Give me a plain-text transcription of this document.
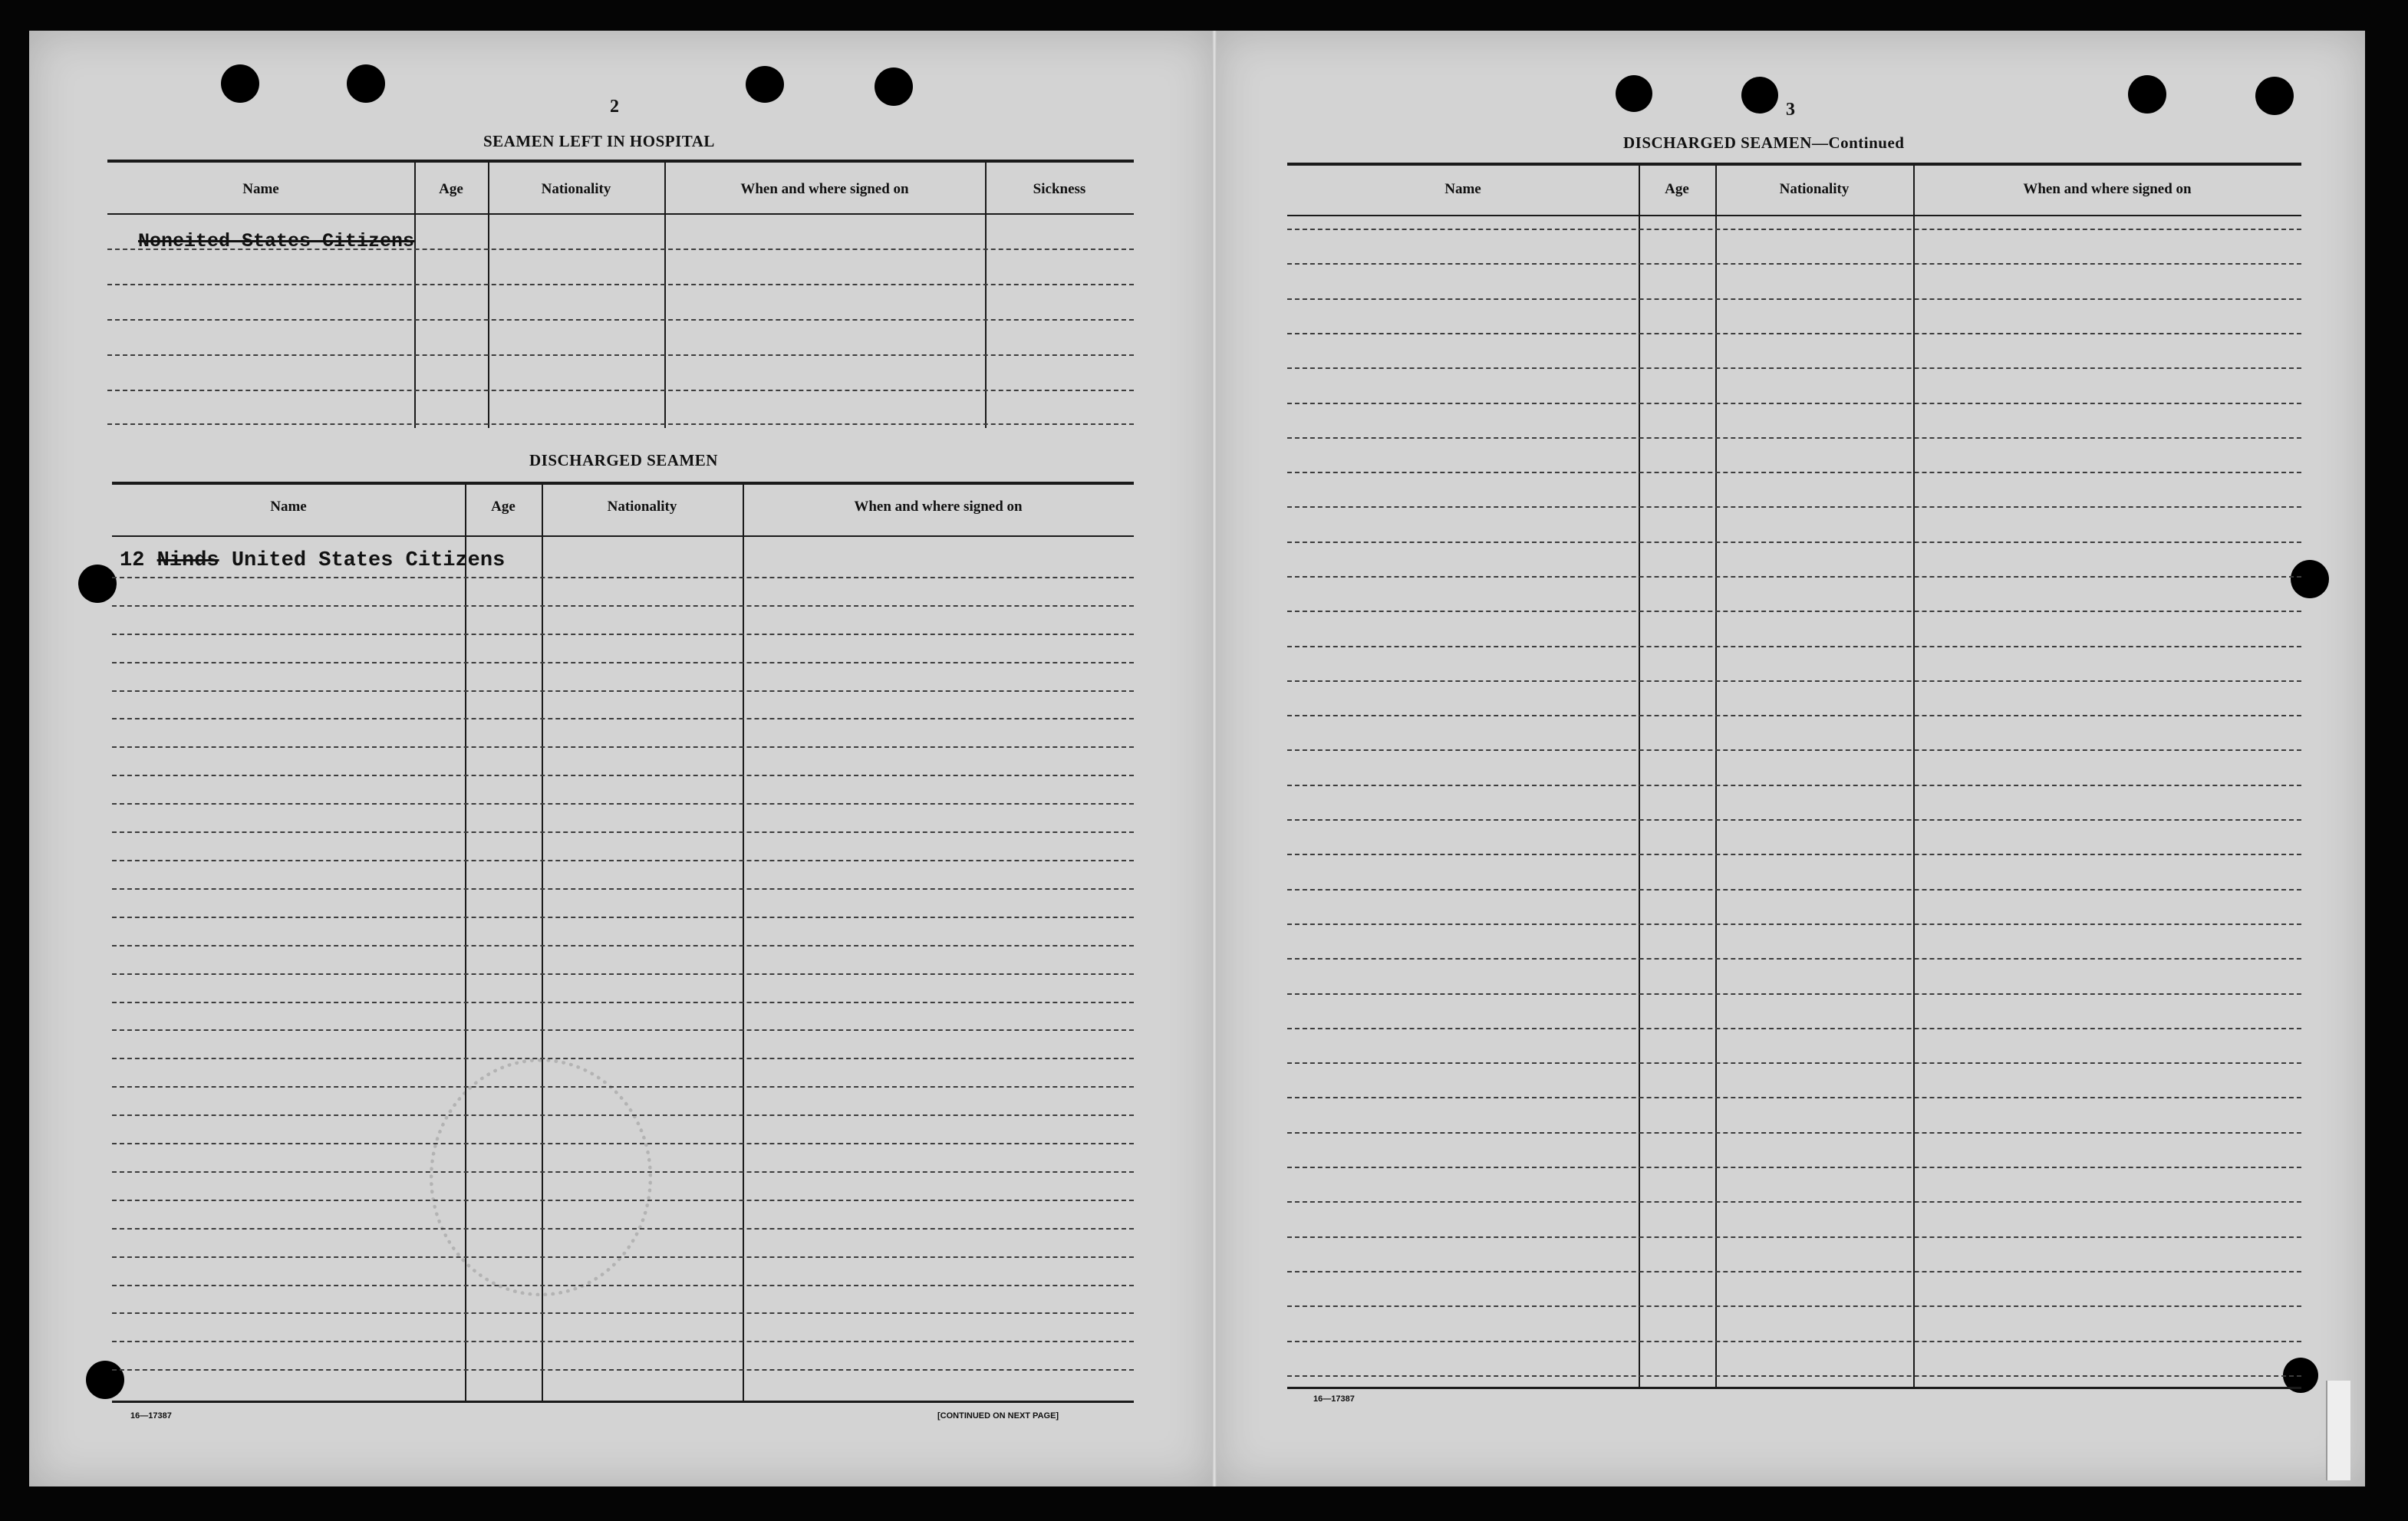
2
SEAMEN LEFT IN HOSPITAL
Name	Age	Nationality	When and where signed on	Sickness
Noneited States Citizens
DISCHARGED SEAMEN
Name	Age	Nationality	When and where signed on
12 Ninds United States Citizens
16—17387	[CONTINUED ON NEXT PAGE]
3
DISCHARGED SEAMEN—Continued
Name	Age	Nationality	When and where signed on
16—17387
